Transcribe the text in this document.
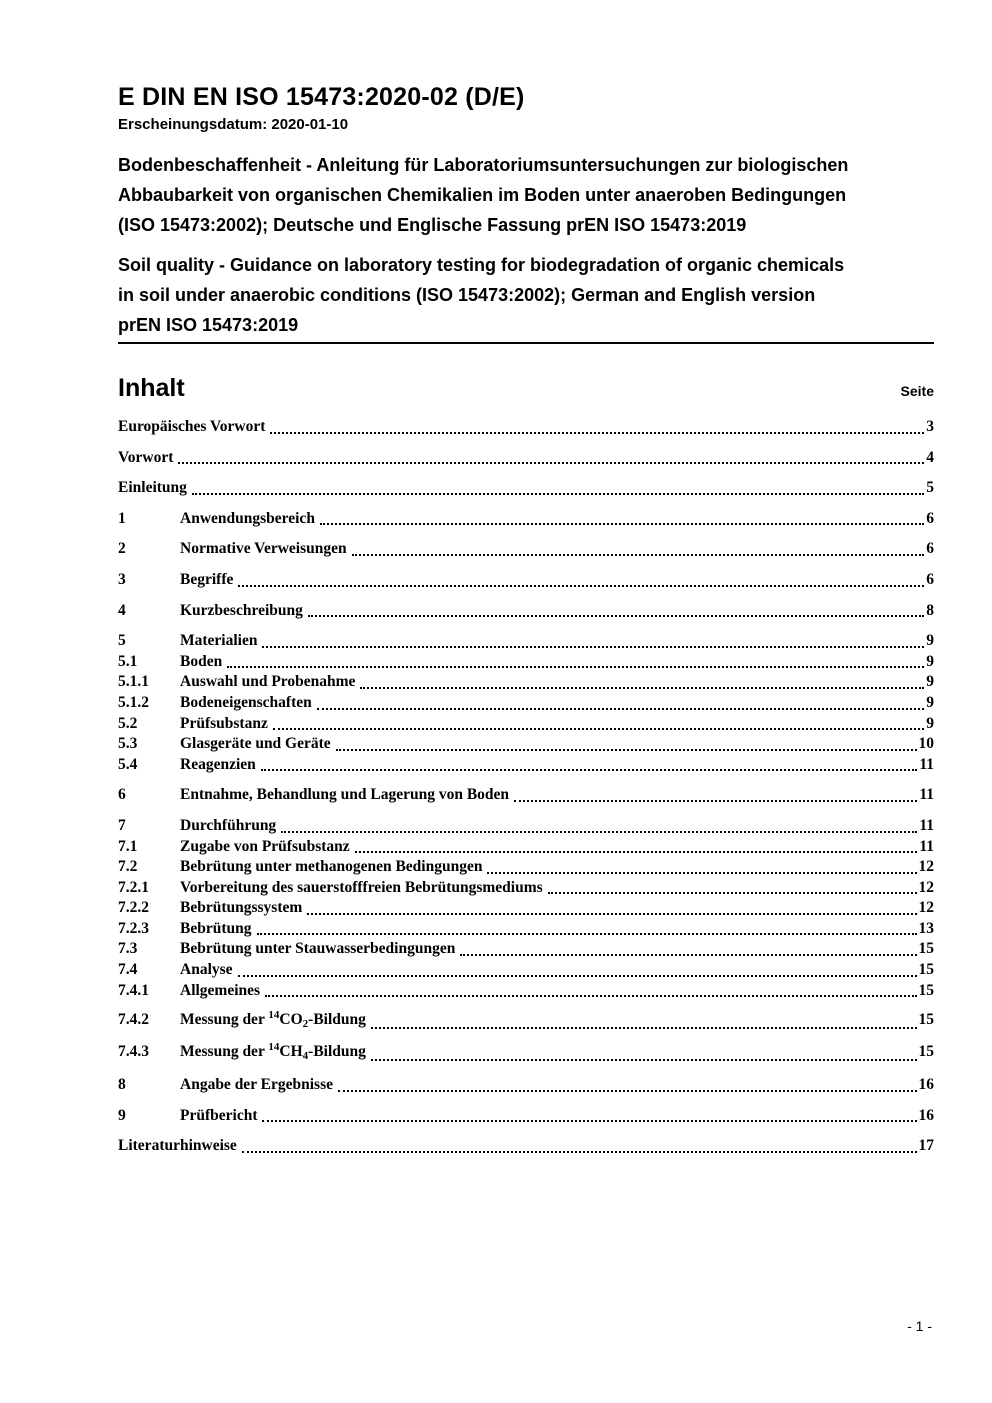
E DIN EN ISO 15473:2020-02 (D/E)
Erscheinungsdatum: 2020-01-10
Bodenbeschaffenheit - Anleitung für Laboratoriumsuntersuchungen zur biologischen
Abbaubarkeit von organischen Chemikalien im Boden unter anaeroben Bedingungen
(ISO 15473:2002); Deutsche und Englische Fassung prEN ISO 15473:2019
Soil quality - Guidance on laboratory testing for biodegradation of organic chemicals
in soil under anaerobic conditions (ISO 15473:2002); German and English version
prEN ISO 15473:2019
Inhalt	Seite
Europäisches Vorwort	3
Vorwort	4
Einleitung	5
1	Anwendungsbereich	6
2	Normative Verweisungen	6
3	Begriffe	6
4	Kurzbeschreibung	8
5	Materialien	9
5.1	Boden	9
5.1.1	Auswahl und Probenahme	9
5.1.2	Bodeneigenschaften	9
5.2	Prüfsubstanz	9
5.3	Glasgeräte und Geräte	10
5.4	Reagenzien	11
6	Entnahme, Behandlung und Lagerung von Boden	11
7	Durchführung	11
7.1	Zugabe von Prüfsubstanz	11
7.2	Bebrütung unter methanogenen Bedingungen	12
7.2.1	Vorbereitung des sauerstofffreien Bebrütungsmediums	12
7.2.2	Bebrütungssystem	12
7.2.3	Bebrütung	13
7.3	Bebrütung unter Stauwasserbedingungen	15
7.4	Analyse	15
7.4.1	Allgemeines	15
7.4.2	Messung der $^{14}CO_2$-Bildung	15
7.4.3	Messung der $^{14}CH_4$-Bildung	15
8	Angabe der Ergebnisse	16
9	Prüfbericht	16
Literaturhinweise	17
- 1 -
